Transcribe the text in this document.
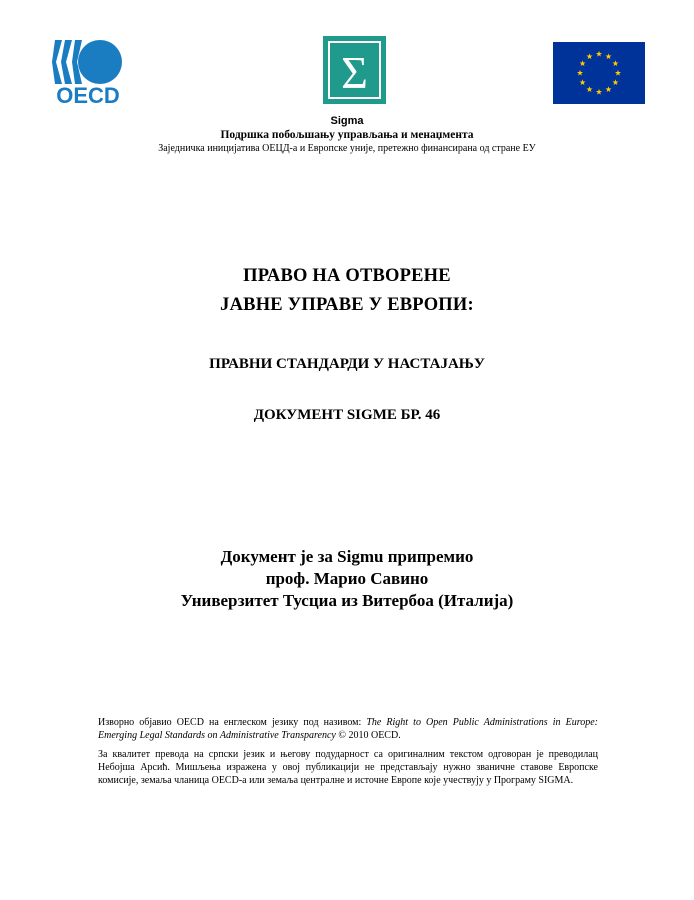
OECD	Σ
Sigma
Подршка побољшању управљања и менаџмента
Заједничка иницијатива ОЕЦД-а и Европске уније, претежно финансирана од стране ЕУ
ПРАВО НА ОТВОРЕНЕ
ЈАВНЕ УПРАВЕ У ЕВРОПИ:
ПРАВНИ СТАНДАРДИ У НАСТАЈАЊУ
ДОКУМЕНТ SIGME БР. 46
Документ је за Sigmu припремио
проф. Марио Савино
Универзитет Тусциа из Витербоа (Италија)

Изворно објавио OECD на енглеском језику под називом: The Right to Open Public Administrations in Europe: Emerging Legal Standards on Administrative Transparency © 2010 OECD.

За квалитет превода на српски језик и његову подударност са оригиналним текстом одговоран је преводилац Небојша Арсић. Мишљења изражена у овој публикацији не представљају нужно званичне ставове Европске комисије, земаља чланица OECD-а или земаља централне и источне Европе које учествују у Програму SIGMA.
